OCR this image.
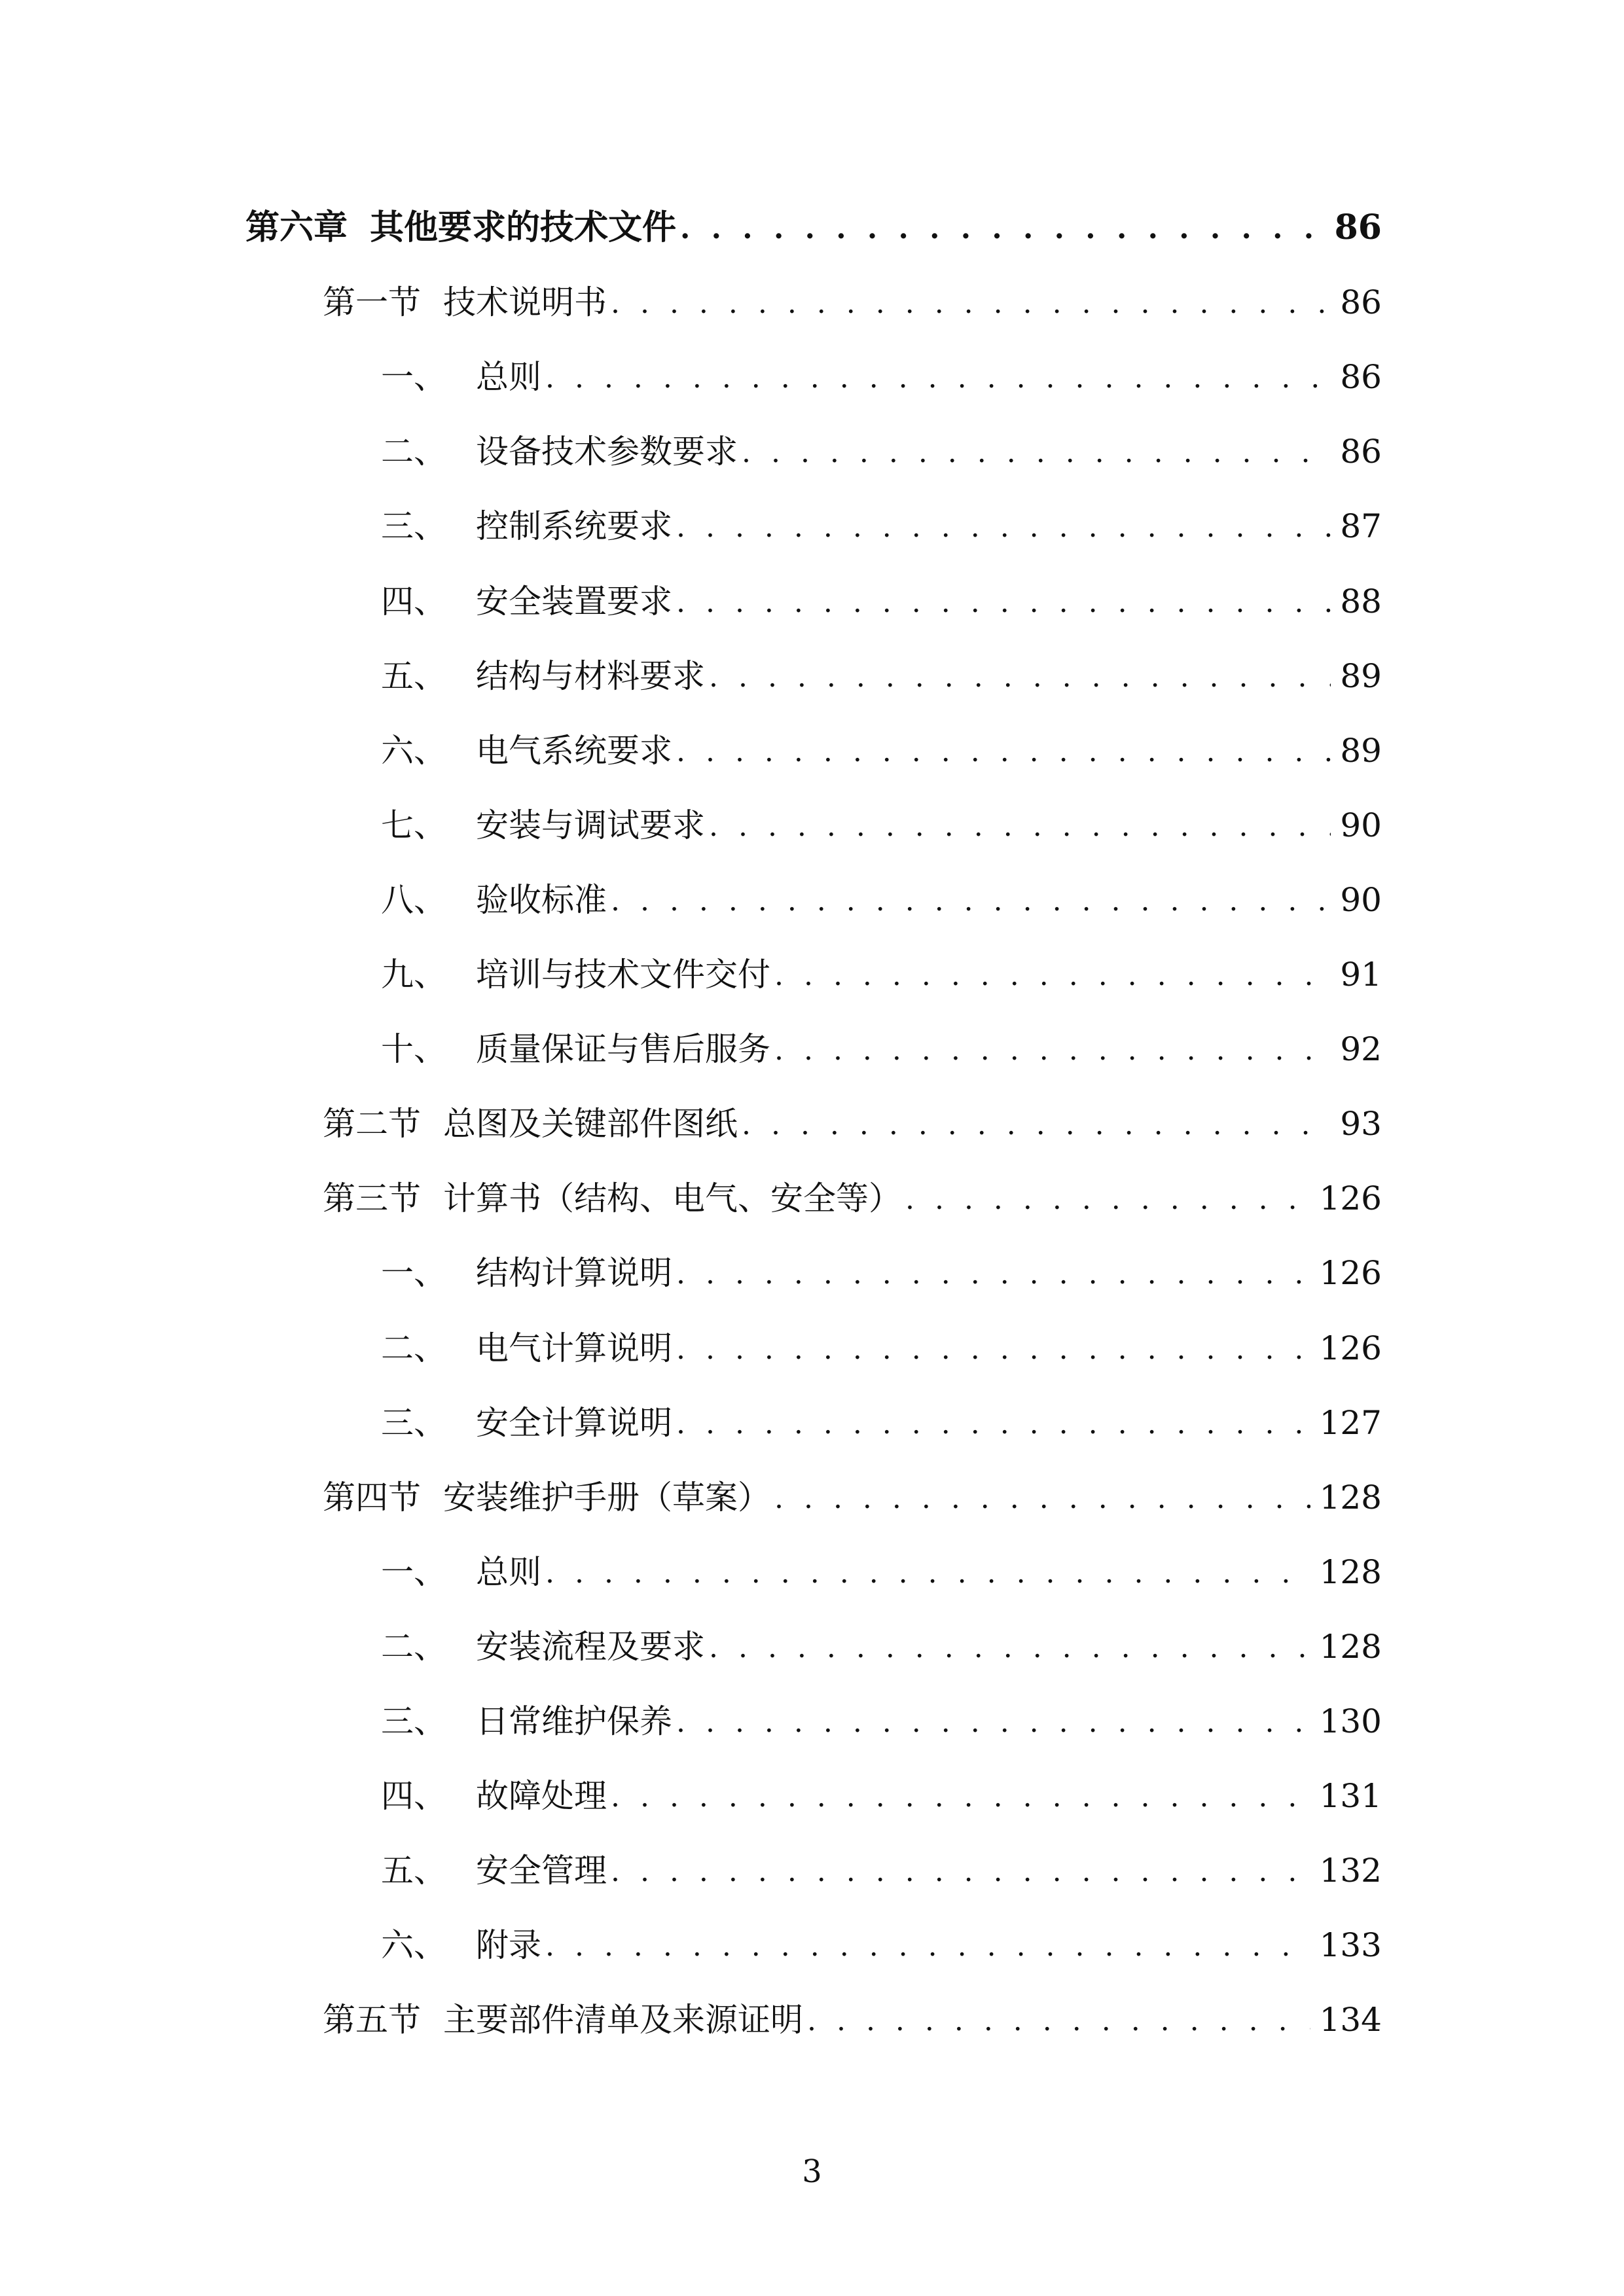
第六章 其他要求的技术文件 . . .	86
第一节 技术说明书 . . .	86
一、 总则 . . .	86
二、 设备技术参数要求 . . .	86
三、 控制系统要求 . . .	87
四、 安全装置要求 . . .	88
五、 结构与材料要求 . . .	89
六、 电气系统要求 . . .	89
七、 安装与调试要求 . . .	90
八、 验收标准 . . .	90
九、 培训与技术文件交付 . . .	91
十、 质量保证与售后服务 . . .	92
第二节 总图及关键部件图纸 . . .	93
第三节 计算书（结构、电气、安全等） . . .	126
一、 结构计算说明 . . .	126
二、 电气计算说明 . . .	126
三、 安全计算说明 . . .	127
第四节 安装维护手册（草案） . . .	128
一、 总则 . . .	128
二、 安装流程及要求 . . .	128
三、 日常维护保养 . . .	130
四、 故障处理 . . .	131
五、 安全管理 . . .	132
六、 附录 . . .	133
第五节 主要部件清单及来源证明 . . .	134
3
